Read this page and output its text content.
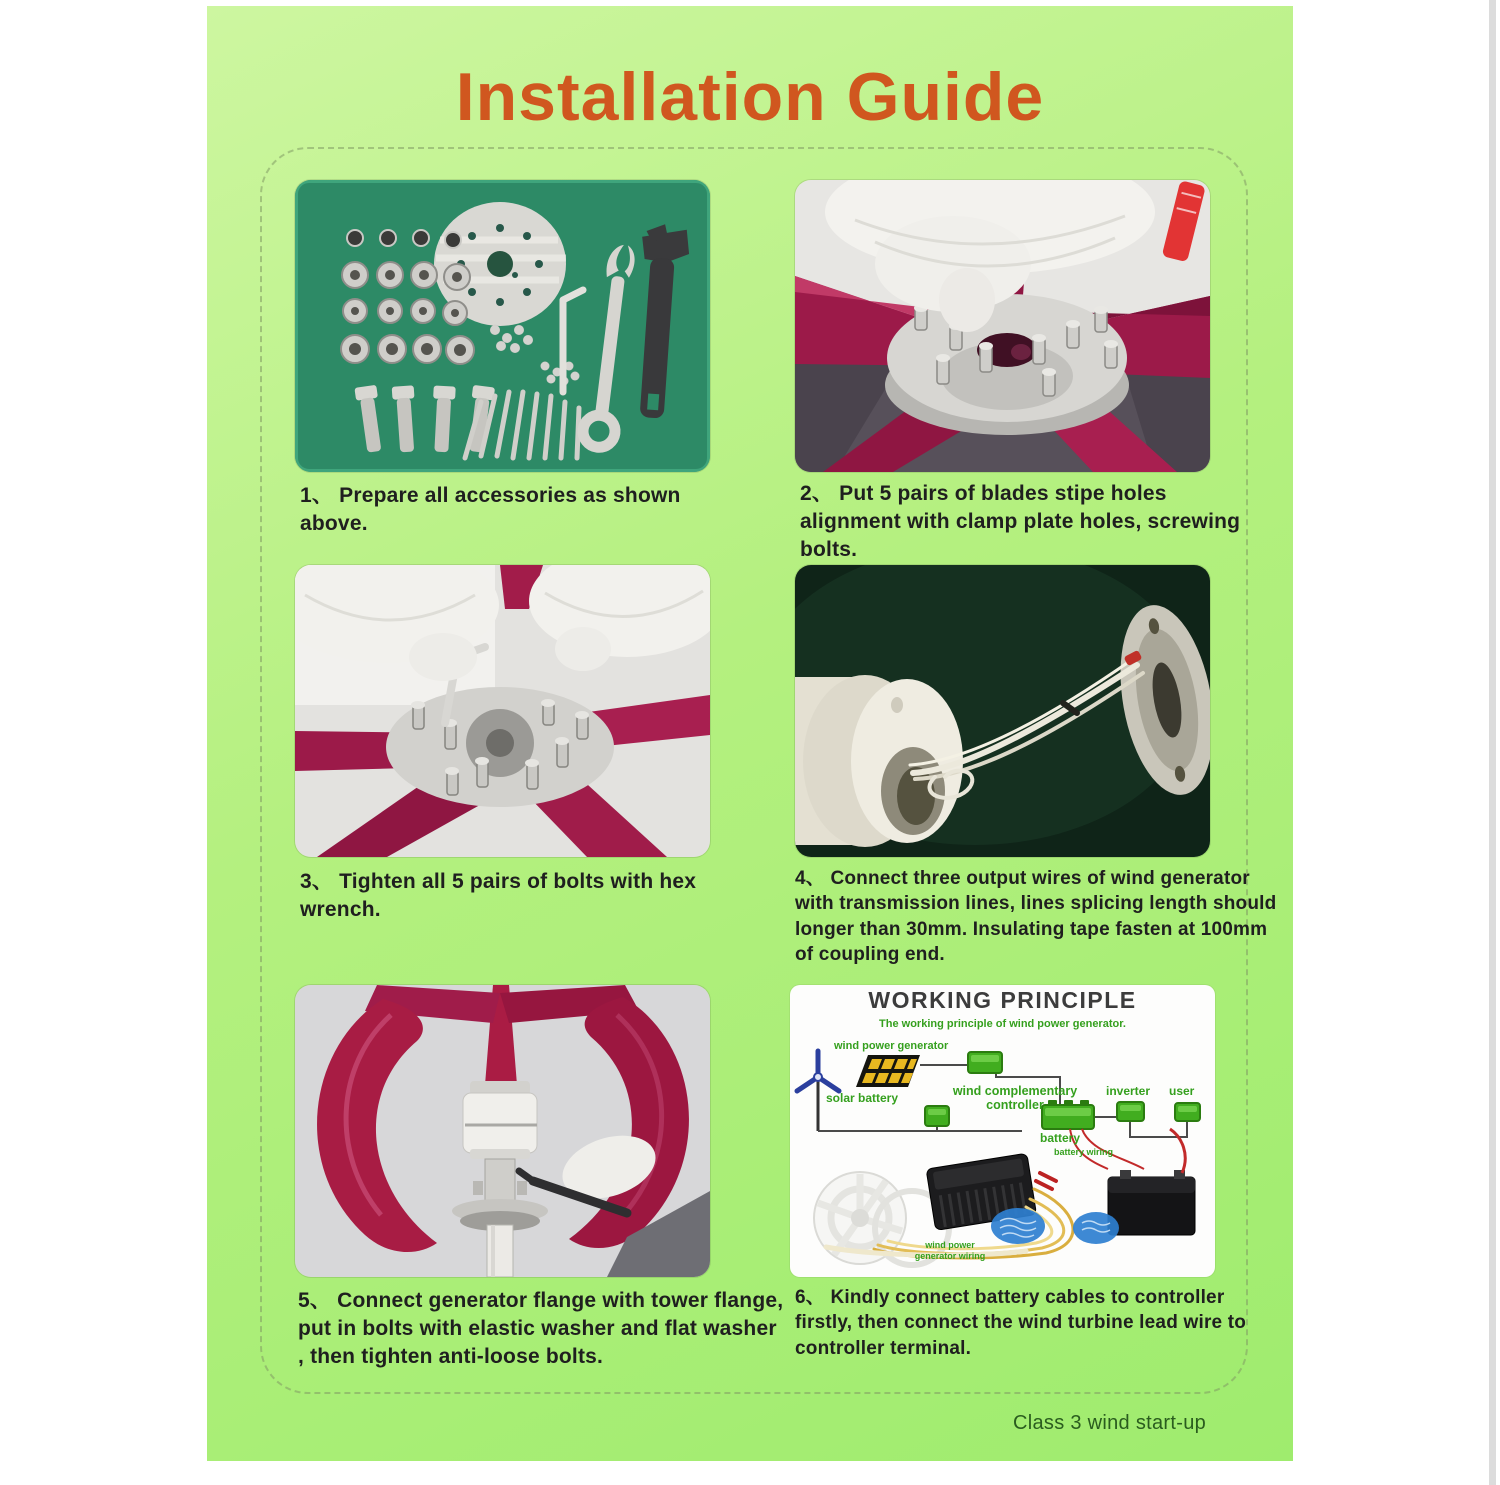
Installation Guide
WORKING PRINCIPLE
The working principle of wind power generator.
wind power generator
solar battery	wind complementary
controller
battery
inverter user
battery wiring
wind power
generator wiring
1、 Prepare all accessories as shown above.
2、 Put 5 pairs of blades stipe holes alignment with clamp plate holes, screwing bolts.
3、 Tighten all 5 pairs of bolts with hex wrench.
4、 Connect three output wires of wind generator with transmission lines, lines splicing length should longer than 30mm. Insulating tape fasten at 100mm of coupling end.
5、 Connect generator flange with tower flange, put in bolts with elastic washer and flat washer , then tighten anti-loose bolts.
6、 Kindly connect battery cables to controller firstly, then connect the wind turbine lead wire to controller terminal.
Class 3 wind start-up
